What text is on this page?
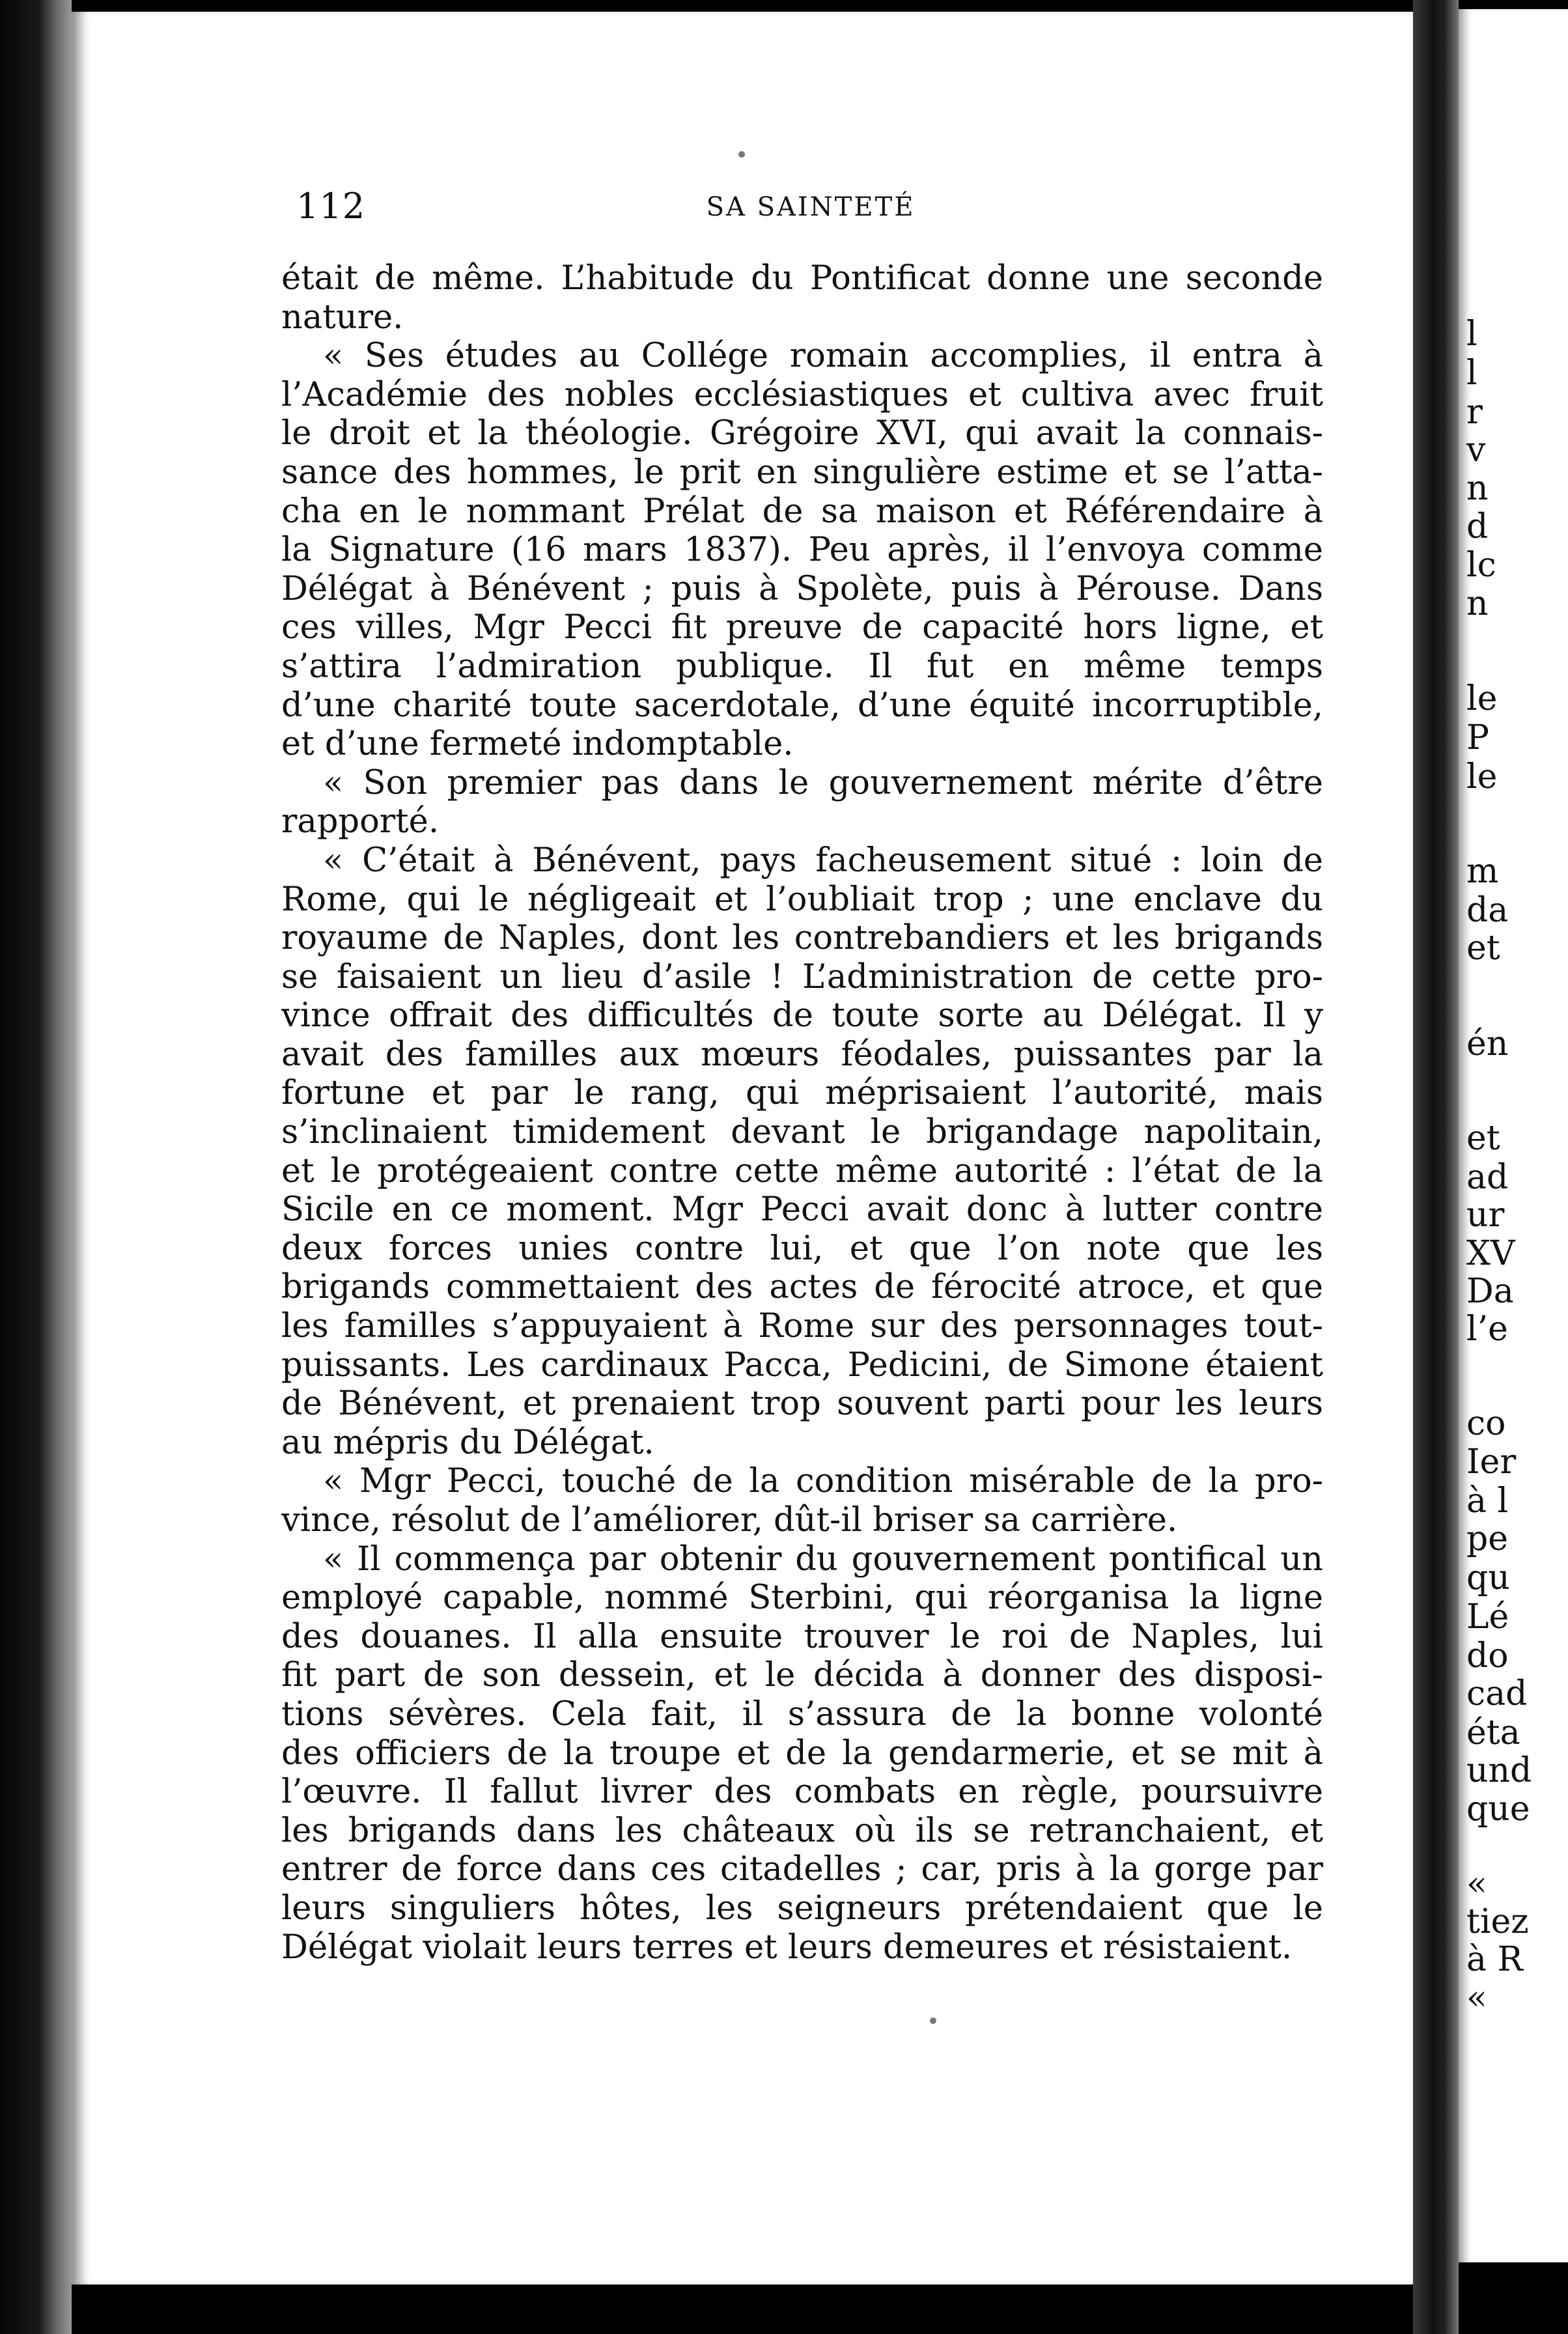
l
l
r
v
n
d
lc
n
le
P
le
m
da
et
én
et
ad
ur
XV
Da
l’e
co
Ier
à l
pe
qu
Lé
do
cad
éta
und
que
«
tiez
à R
«
112	SA SAINTETÉ
était de même. L’habitude du Pontificat donne une seconde
nature.
« Ses études au Collége romain accomplies, il entra à
l’Académie des nobles ecclésiastiques et cultiva avec fruit
le droit et la théologie. Grégoire XVI, qui avait la connais-
sance des hommes, le prit en singulière estime et se l’atta-
cha en le nommant Prélat de sa maison et Référendaire à
la Signature (16 mars 1837). Peu après, il l’envoya comme
Délégat à Bénévent ; puis à Spolète, puis à Pérouse. Dans
ces villes, Mgr Pecci fit preuve de capacité hors ligne, et
s’attira l’admiration publique. Il fut en même temps
d’une charité toute sacerdotale, d’une équité incorruptible,
et d’une fermeté indomptable.
« Son premier pas dans le gouvernement mérite d’être
rapporté.
« C’était à Bénévent, pays facheusement situé : loin de
Rome, qui le négligeait et l’oubliait trop ; une enclave du
royaume de Naples, dont les contrebandiers et les brigands
se faisaient un lieu d’asile ! L’administration de cette pro-
vince offrait des difficultés de toute sorte au Délégat. Il y
avait des familles aux mœurs féodales, puissantes par la
fortune et par le rang, qui méprisaient l’autorité, mais
s’inclinaient timidement devant le brigandage napolitain,
et le protégeaient contre cette même autorité : l’état de la
Sicile en ce moment. Mgr Pecci avait donc à lutter contre
deux forces unies contre lui, et que l’on note que les
brigands commettaient des actes de férocité atroce, et que
les familles s’appuyaient à Rome sur des personnages tout-
puissants. Les cardinaux Pacca, Pedicini, de Simone étaient
de Bénévent, et prenaient trop souvent parti pour les leurs
au mépris du Délégat.
« Mgr Pecci, touché de la condition misérable de la pro-
vince, résolut de l’améliorer, dût-il briser sa carrière.
« Il commença par obtenir du gouvernement pontifical un
employé capable, nommé Sterbini, qui réorganisa la ligne
des douanes. Il alla ensuite trouver le roi de Naples, lui
fit part de son dessein, et le décida à donner des disposi-
tions sévères. Cela fait, il s’assura de la bonne volonté
des officiers de la troupe et de la gendarmerie, et se mit à
l’œuvre. Il fallut livrer des combats en règle, poursuivre
les brigands dans les châteaux où ils se retranchaient, et
entrer de force dans ces citadelles ; car, pris à la gorge par
leurs singuliers hôtes, les seigneurs prétendaient que le
Délégat violait leurs terres et leurs demeures et résistaient.
